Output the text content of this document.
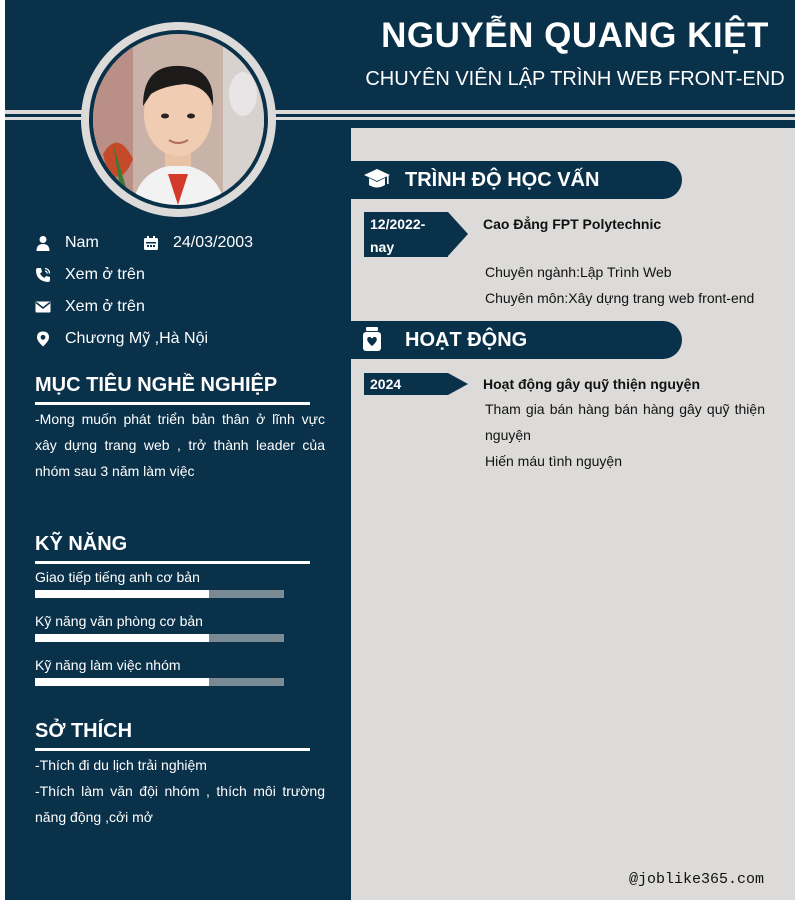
NGUYỄN QUANG KIỆT
CHUYÊN VIÊN LẬP TRÌNH WEB FRONT-END
Nam	24/03/2003
Xem ở trên
Xem ở trên
Chương Mỹ ,Hà Nội
MỤC TIÊU NGHỀ NGHIỆP
-Mong muốn phát triển bản thân ở lĩnh vực xây dựng trang web , trở thành leader của nhóm sau 3 năm làm việc
KỸ NĂNG
Giao tiếp tiếng anh cơ bản
Kỹ năng văn phòng cơ bản
Kỹ năng làm việc nhóm
SỞ THÍCH
-Thích đi du lịch trải nghiệm
-Thích làm văn đội nhóm , thích môi trường năng động ,cởi mở
TRÌNH ĐỘ HỌC VẤN
12/2022-
nay
Cao Đẳng FPT Polytechnic
Chuyên ngành:Lập Trình Web
Chuyên môn:Xây dựng trang web front-end
HOẠT ĐỘNG
2024	Hoạt động gây quỹ thiện nguyện
Tham gia bán hàng bán hàng gây quỹ thiện nguyện
Hiến máu tình nguyện
@joblike365.com
